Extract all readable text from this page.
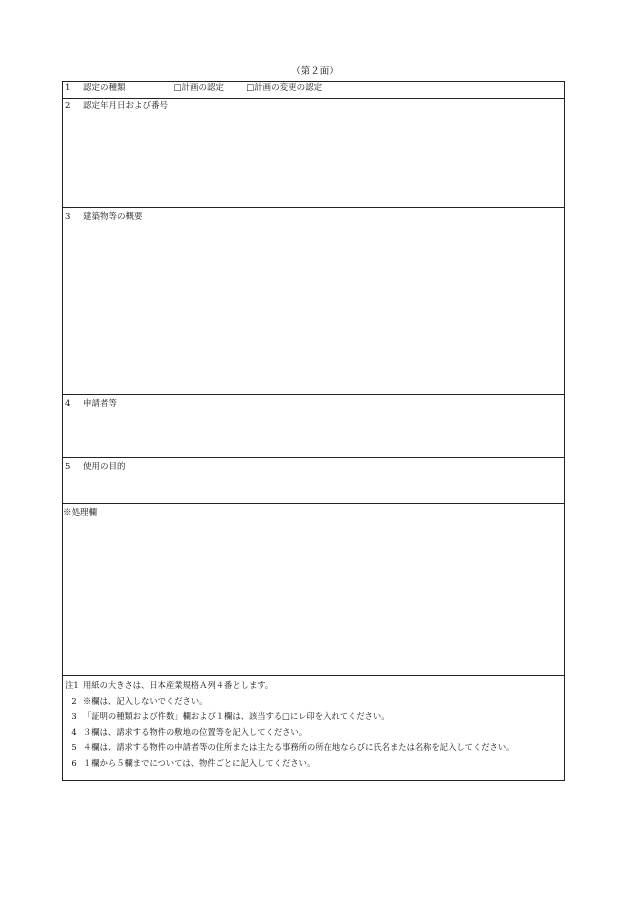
（第２面）
1 認定の種類	□計画の認定	□計画の変更の認定
2 認定年月日および番号
3 建築物等の概要
4 申請者等
5 使用の目的
※処理欄
注1 用紙の大きさは、日本産業規格Ａ列４番とします。
2 ※欄は、記入しないでください。
3 「証明の種類および件数」欄および１欄は、該当する□にレ印を入れてください。
4 ３欄は、請求する物件の敷地の位置等を記入してください。
5 ４欄は、請求する物件の申請者等の住所または主たる事務所の所在地ならびに氏名または名称を記入してください。
6 １欄から５欄までについては、物件ごとに記入してください。
